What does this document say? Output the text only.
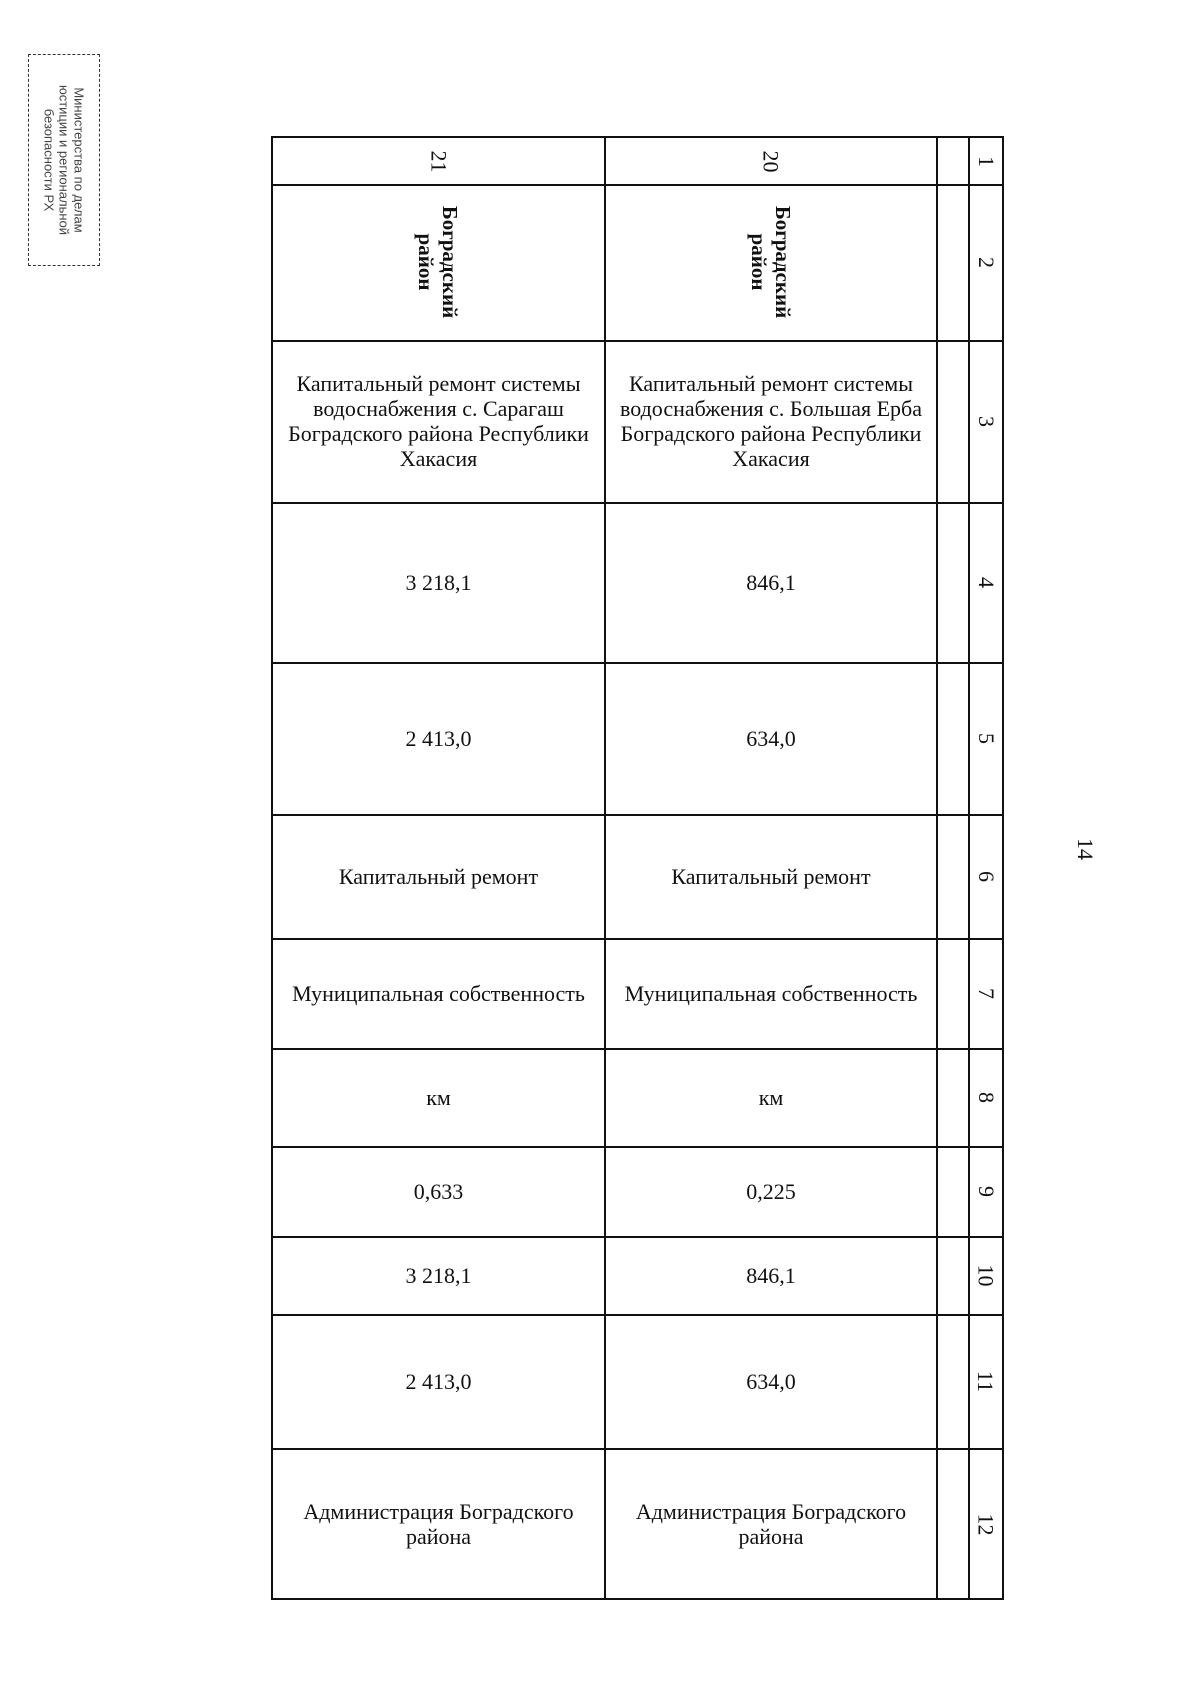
Министерства по делам
юстиции и региональной
безопасности РХ
14
1
2
3
4
5
6
7
8
9
10
11
12
20
Боградский
район
Капитальный ремонт системы водоснабжения с. Большая Ерба Боградского района Республики Хакасия
846,1
634,0
Капитальный ремонт
Муниципальная собственность
км
0,225
846,1
634,0
Администрация Боградского района
21
Боградский
район
Капитальный ремонт системы водоснабжения с. Сарагаш Боградского района Республики Хакасия
3 218,1
2 413,0
Капитальный ремонт
Муниципальная собственность
км
0,633
3 218,1
2 413,0
Администрация Боградского района
